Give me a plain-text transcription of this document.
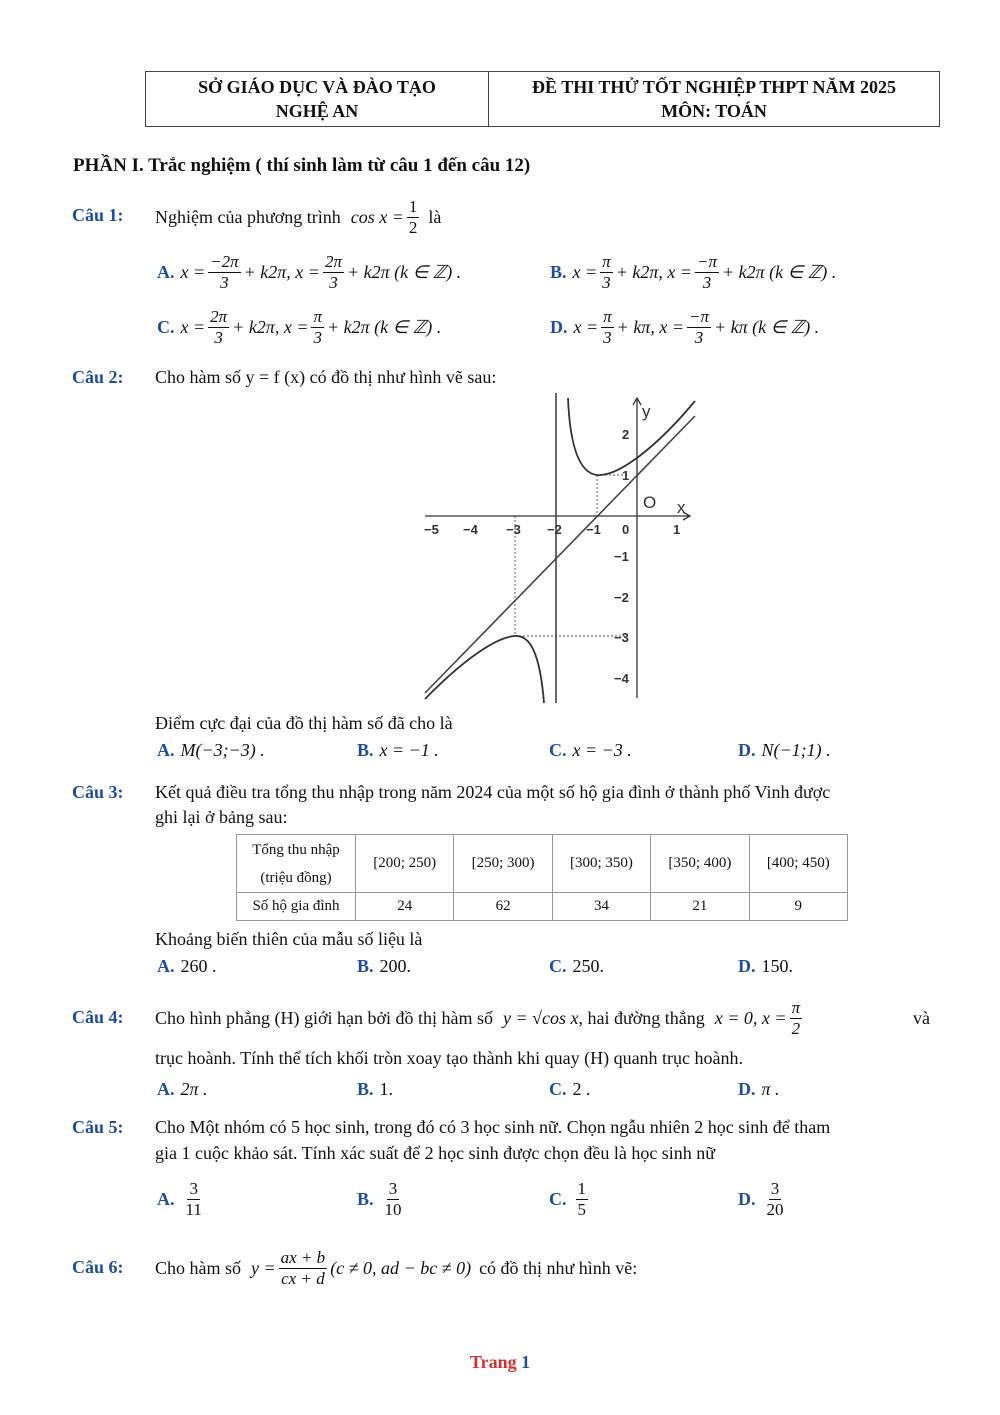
SỞ GIÁO DỤC VÀ ĐÀO TẠO
NGHỆ AN
ĐỀ THI THỬ TỐT NGHIỆP THPT NĂM 2025
MÔN: TOÁN
PHẦN I. Trắc nghiệm ( thí sinh làm từ câu 1 đến câu 12)
Câu 1: Nghiệm của phương trình $\cos x = \frac{1}{2}$ là
A. $x = \frac{-2\pi}{3} + k2\pi$, $x = \frac{2\pi}{3} + k2\pi$ (k ∈ ℤ) .	B. $x = \frac{\pi}{3} + k2\pi$, $x = \frac{-\pi}{3} + k2\pi$ (k ∈ ℤ) .
C. $x = \frac{2\pi}{3} + k2\pi$, $x = \frac{\pi}{3} + k2\pi$ (k ∈ ℤ) .	D. $x = \frac{\pi}{3} + k\pi$, $x = \frac{-\pi}{3} + k\pi$ (k ∈ ℤ) .
Câu 2: Cho hàm số y = f (x) có đồ thị như hình vẽ sau:
−5 −4 −3 −2 −1 0	1
2
1
−1
−2
−3
−4
x
y
O
Điểm cực đại của đồ thị hàm số đã cho là
A. M(−3;−3) .	B. x = −1 .	C. x = −3 .	D. N(−1;1) .
Câu 3: Kết quả điều tra tổng thu nhập trong năm 2024 của một số hộ gia đình ở thành phố Vinh được
ghi lại ở bảng sau:
Tổng thu nhập
(triệu đồng)	[200; 250)	[250; 300)	[300; 350)	[350; 400)	[400; 450)
Số hộ gia đình	24	62	34	21	9
Khoảng biến thiên của mẫu số liệu là
A. 260 .	B. 200.	C. 250.	D. 150.
Câu 4: Cho hình phẳng (H) giới hạn bởi đồ thị hàm số y = √cos x , hai đường thẳng x = 0, $x = \frac{\pi}{2}$	và
trục hoành. Tính thể tích khối tròn xoay tạo thành khi quay (H) quanh trục hoành.
A. 2π .	B. 1.	C. 2 .	D. π .
Câu 5: Cho Một nhóm có 5 học sinh, trong đó có 3 học sinh nữ. Chọn ngẫu nhiên 2 học sinh để tham
gia 1 cuộc khảo sát. Tính xác suất để 2 học sinh được chọn đều là học sinh nữ
A. $\frac{3}{11}$	B. $\frac{3}{10}$	C. $\frac{1}{5}$	D. $\frac{3}{20}$
Câu 6: Cho hàm số $y = \frac{ax + b}{cx + d} (c \ne 0$, ad − bc ≠ 0) có đồ thị như hình vẽ:
Trang 1
